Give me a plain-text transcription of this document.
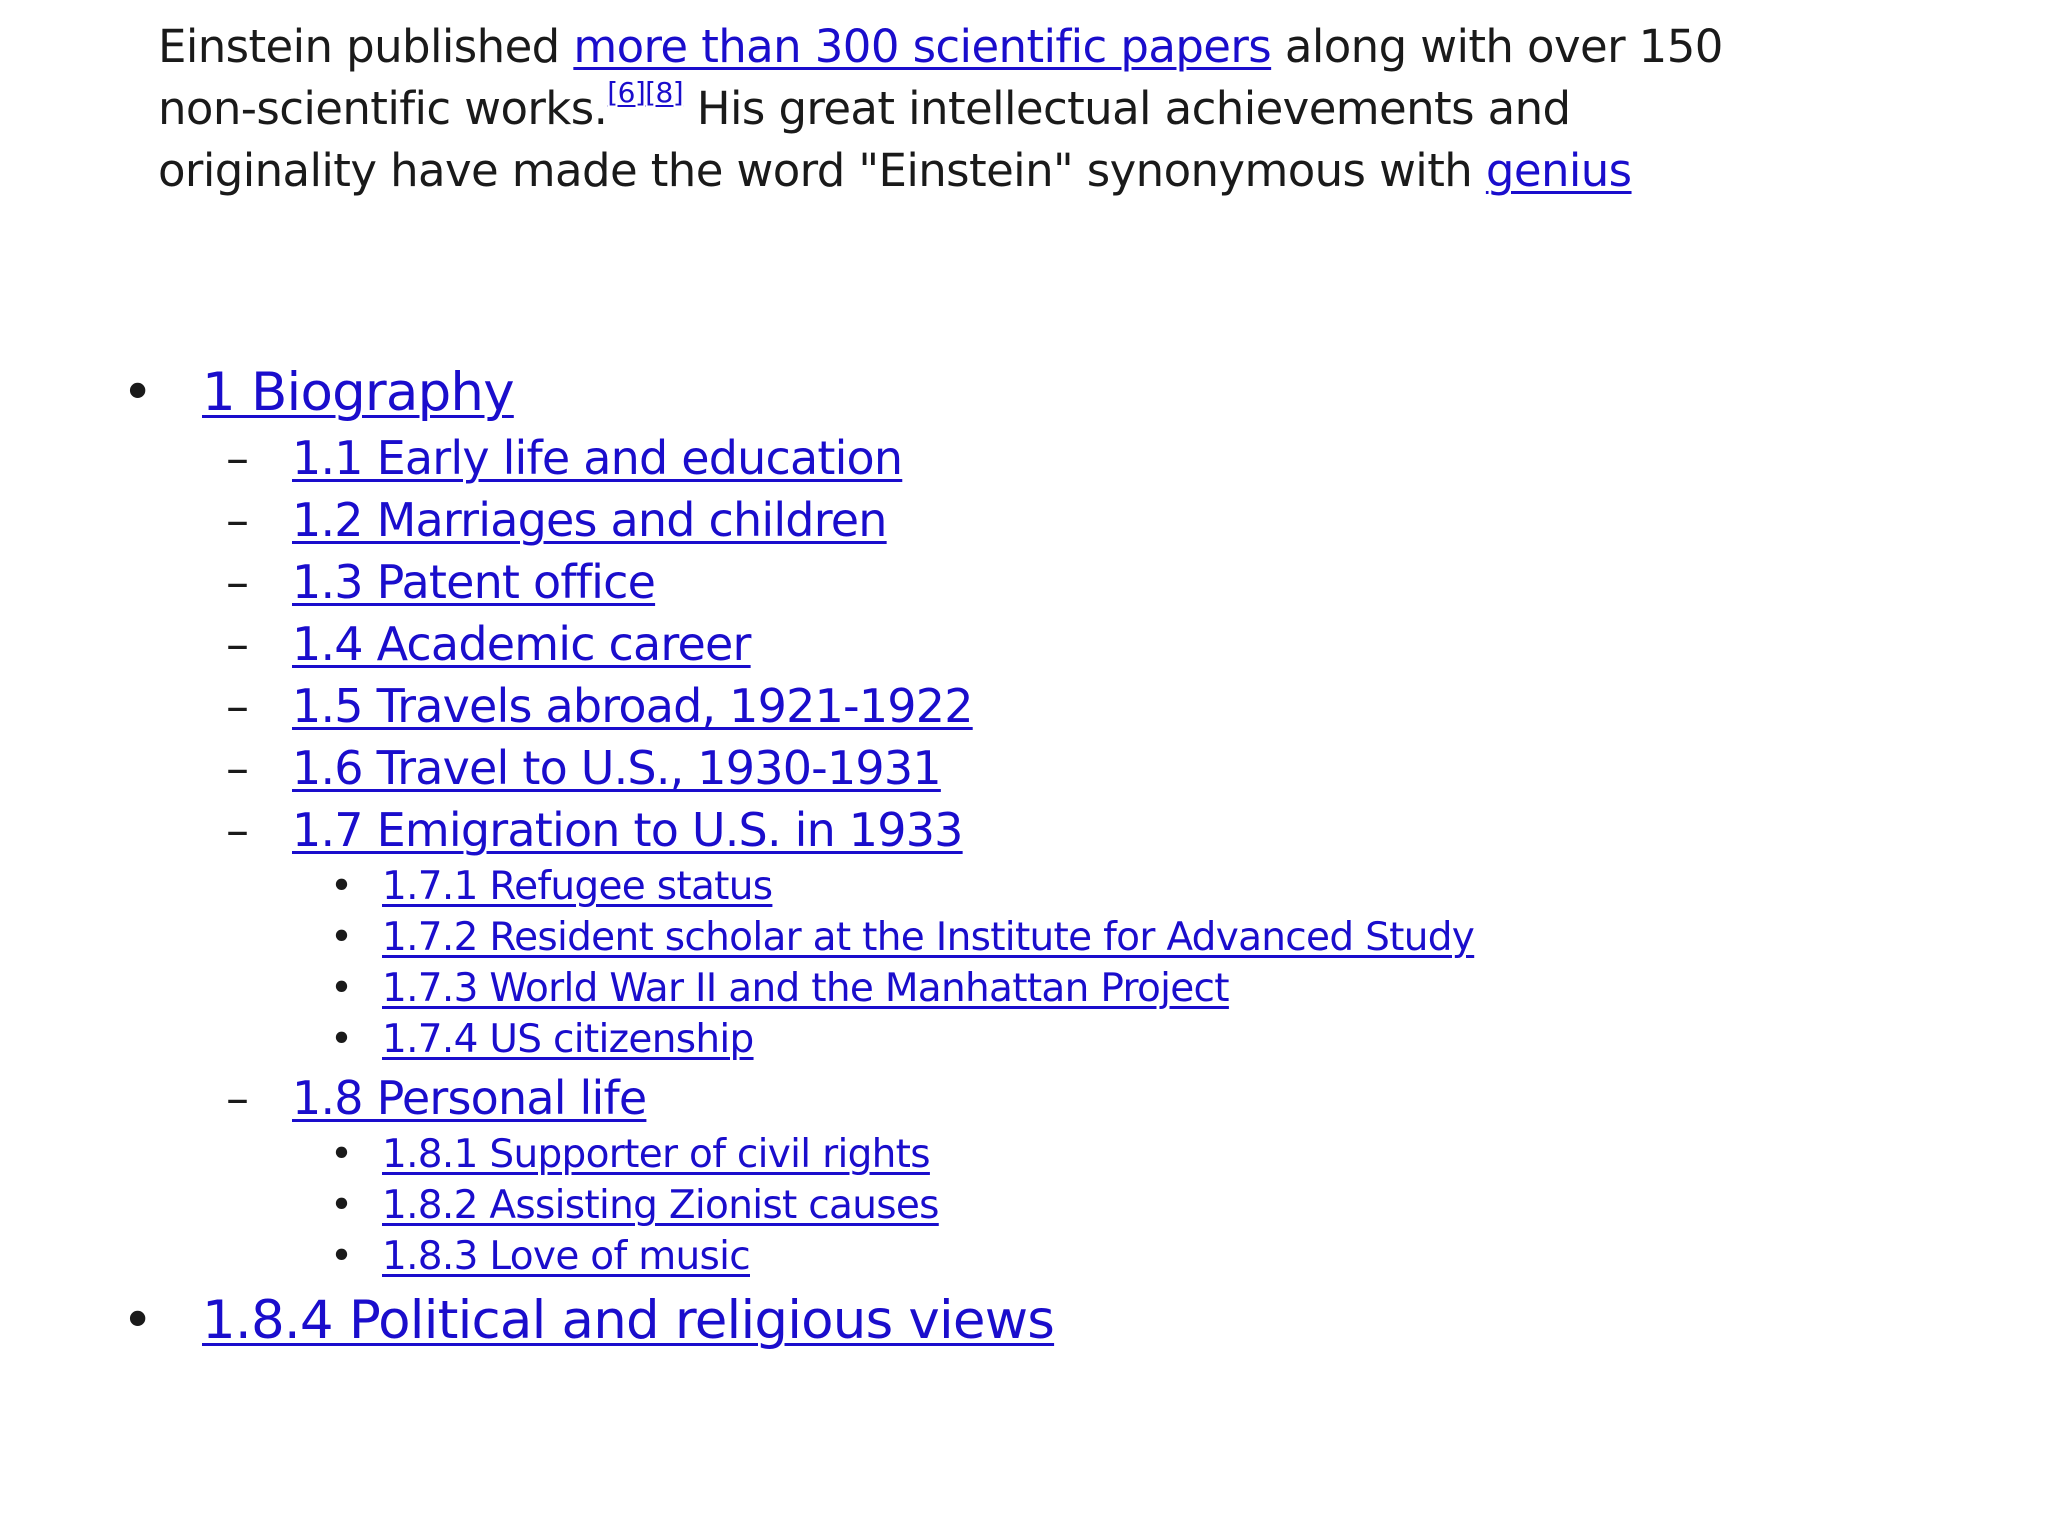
Einstein published more than 300 scientific papers along with over 150 non-scientific works.[6][8] His great intellectual achievements and originality have made the word "Einstein" synonymous with genius
• 1 Biography
– 1.1 Early life and education
– 1.2 Marriages and children
– 1.3 Patent office
– 1.4 Academic career
– 1.5 Travels abroad, 1921-1922
– 1.6 Travel to U.S., 1930-1931
– 1.7 Emigration to U.S. in 1933
• 1.7.1 Refugee status
• 1.7.2 Resident scholar at the Institute for Advanced Study
• 1.7.3 World War II and the Manhattan Project
• 1.7.4 US citizenship
– 1.8 Personal life
• 1.8.1 Supporter of civil rights
• 1.8.2 Assisting Zionist causes
• 1.8.3 Love of music
• 1.8.4 Political and religious views
